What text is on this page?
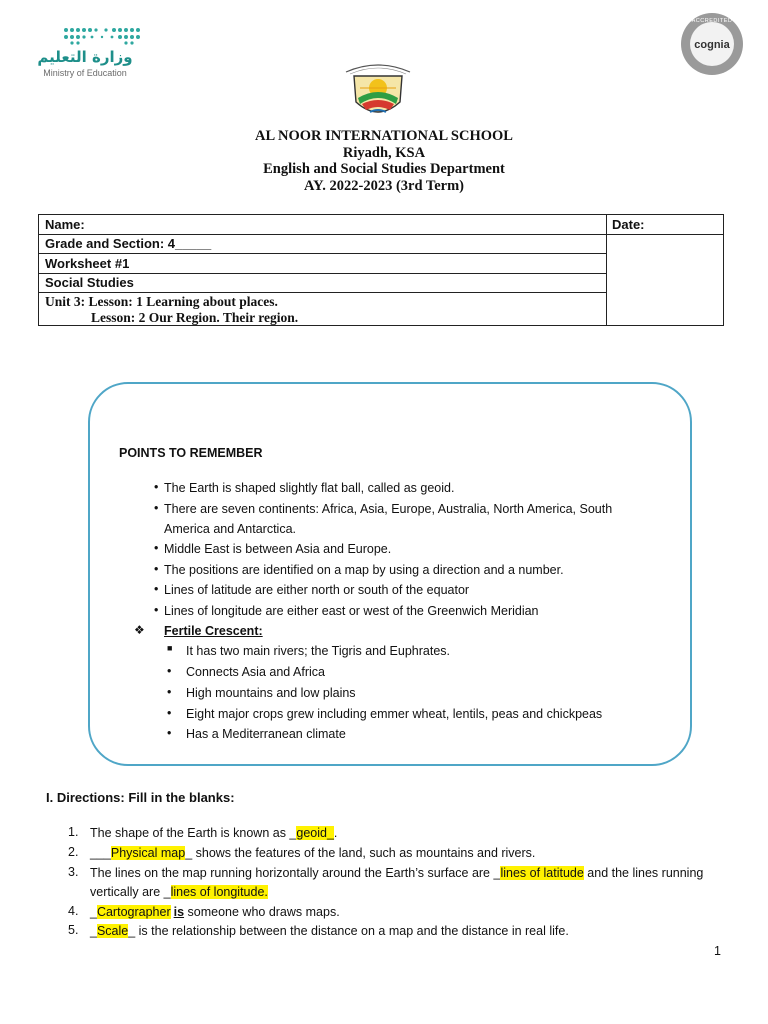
وزارة التعليم
Ministry of Education
cognia
ACCREDITED
AL NOOR INTERNATIONAL SCHOOL
Riyadh, KSA
English and Social Studies Department
AY. 2022-2023 (3rd Term)
Name:	Date:
Grade and Section: 4_____
Worksheet #1
Social Studies
Unit 3: Lesson: 1 Learning about places.
Lesson: 2 Our Region. Their region.
POINTS TO REMEMBER
• The Earth is shaped slightly flat ball, called as geoid.
• There are seven continents: Africa, Asia, Europe, Australia, North America, South
America and Antarctica.
• Middle East is between Asia and Europe.
• The positions are identified on a map by using a direction and a number.
• Lines of latitude are either north or south of the equator
• Lines of longitude are either east or west of the Greenwich Meridian
❖ Fertile Crescent:
■ It has two main rivers; the Tigris and Euphrates.
• Connects Asia and Africa
• High mountains and low plains
• Eight major crops grew including emmer wheat, lentils, peas and chickpeas
• Has a Mediterranean climate
I. Directions: Fill in the blanks:
1. The shape of the Earth is known as _geoid_.
2. ___Physical map_ shows the features of the land, such as mountains and rivers.
3. The lines on the map running horizontally around the Earth’s surface are _lines of latitude and the lines running
vertically are _lines of longitude.
4. _Cartographer is someone who draws maps.
5. _Scale_ is the relationship between the distance on a map and the distance in real life.
1
